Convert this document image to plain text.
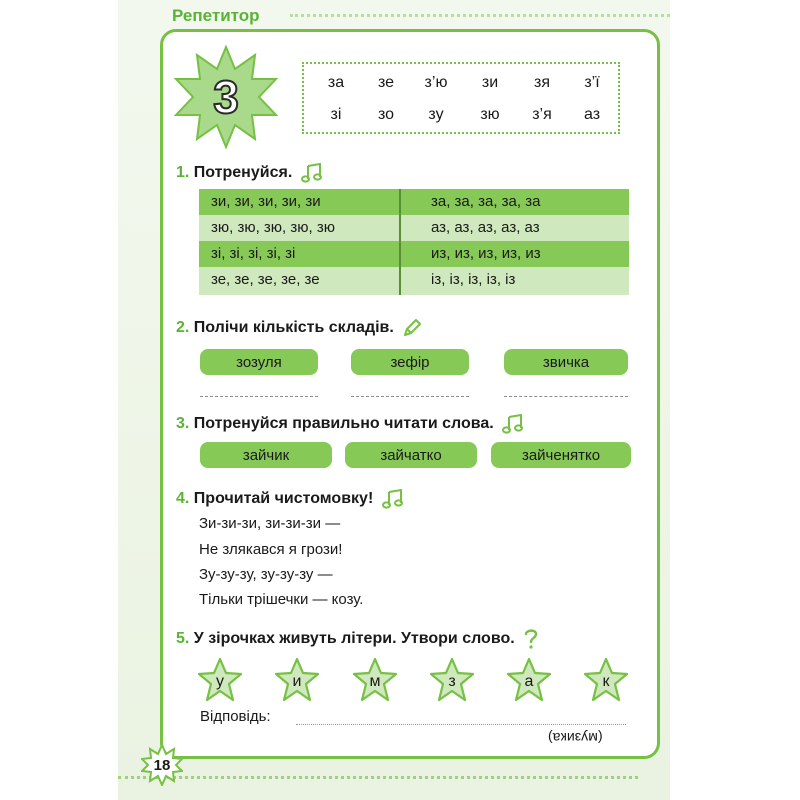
Репетитор
3	за	зе	з’ю	зи	зя	з’ї
зі	зо	зу	зю	з’я	аз
1. Потренуйся.
зи, зи, зи, зи, зи	за, за, за, за, за
зю, зю, зю, зю, зю	аз, аз, аз, аз, аз
зі, зі, зі, зі, зі	из, из, из, из, из
зе, зе, зе, зе, зе	із, із, із, із, із
2. Полічи кількість складів.
зозуля	зефір	звичка
3. Потренуйся правильно читати слова.
зайчик	зайчатко	зайченятко
4. Прочитай чистомовку!
Зи-зи-зи, зи-зи-зи —
Не злякався я грози!
Зу-зу-зу, зу-зу-зу —
Тільки трішечки — козу.
5. У зірочках живуть літери. Утвори слово.
у	и	м	з	а	к
Відповідь:
(музика)
18
